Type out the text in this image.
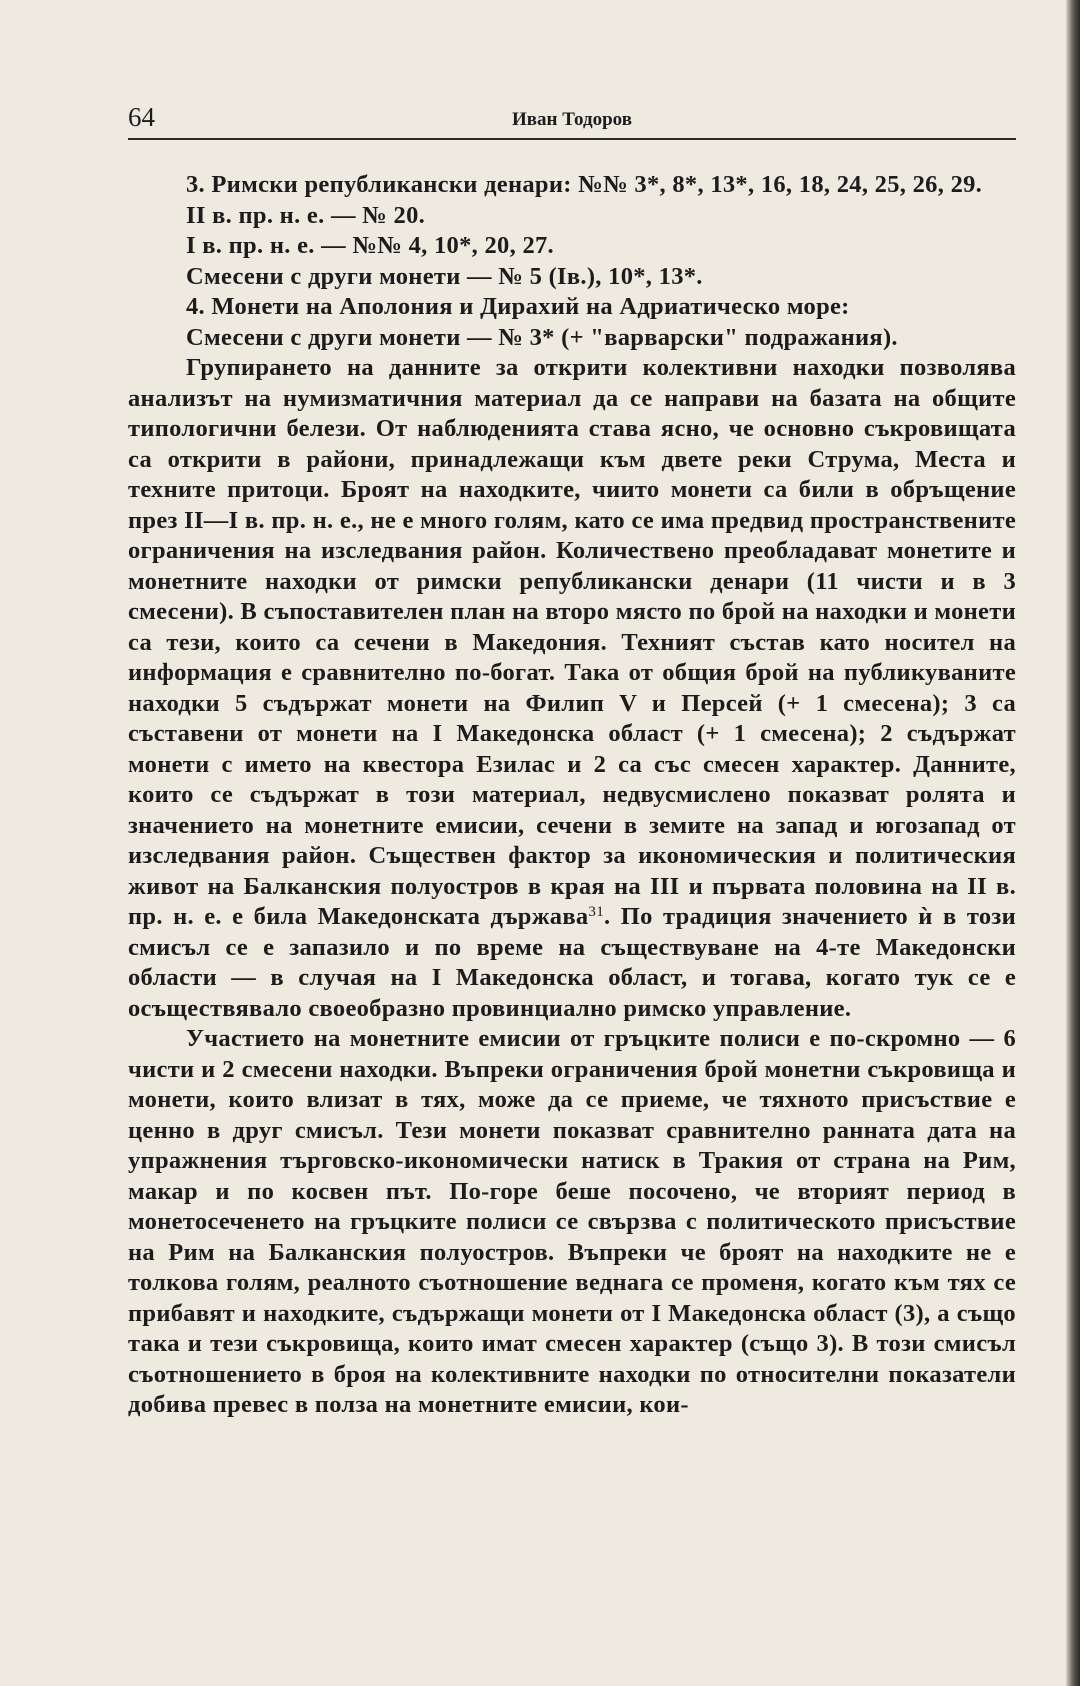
64	Иван Тодоров

3. Римски републикански денари: №№ 3*, 8*, 13*, 16, 18, 24, 25, 26, 29.

II в. пр. н. е. — № 20.

I в. пр. н. е. — №№ 4, 10*, 20, 27.

Смесени с други монети — № 5 (Iв.), 10*, 13*.

4. Монети на Аполония и Дирахий на Адриатическо море:

Смесени с други монети — № 3* (+ "варварски" подражания).

Групирането на данните за открити колективни находки позволява анализът на нумизматичния материал да се направи на базата на общите типологични белези. От наблюденията става ясно, че основно съкровищата са открити в райони, принадлежащи към двете реки Струма, Места и техните притоци. Броят на находките, чиито монети са били в обръщение през II—I в. пр. н. е., не е много голям, като се има предвид пространствените ограничения на изследвания район. Количествено преобладават монетите и монетните находки от римски републикански денари (11 чисти и в 3 смесени). В съпоставителен план на второ място по брой на находки и монети са тези, които са сечени в Македония. Техният състав като носител на информация е сравнително по-богат. Така от общия брой на публикуваните находки 5 съдържат монети на Филип V и Персей (+ 1 смесена); 3 са съставени от монети на I Македонска област (+ 1 смесена); 2 съдържат монети с името на квестора Езилас и 2 са със смесен характер. Данните, които се съдържат в този материал, недвусмислено показват ролята и значението на монетните емисии, сечени в земите на запад и югозапад от изследвания район. Съществен фактор за икономическия и политическия живот на Балканския полуостров в края на III и първата половина на II в. пр. н. е. е била Македонската държава$^{31}$. По традиция значението ѝ в този смисъл се е запазило и по време на съществуване на 4-те Македонски области — в случая на I Македонска област, и тогава, когато тук се е осъществявало своеобразно провинциално римско управление.

Участието на монетните емисии от гръцките полиси е по-скромно — 6 чисти и 2 смесени находки. Въпреки ограничения брой монетни съкровища и монети, които влизат в тях, може да се приеме, че тяхното присъствие е ценно в друг смисъл. Тези монети показват сравнително ранната дата на упражнения търговско-икономически натиск в Тракия от страна на Рим, макар и по косвен път. По-горе беше посочено, че вторият период в монетосеченето на гръцките полиси се свързва с политическото присъствие на Рим на Балканския полуостров. Въпреки че броят на находките не е толкова голям, реалното съотношение веднага се променя, когато към тях се прибавят и находките, съдържащи монети от I Македонска област (3), а също така и тези съкровища, които имат смесен характер (също 3). В този смисъл съотношението в броя на колективните находки по относителни показатели добива превес в полза на монетните емисии, кои-
